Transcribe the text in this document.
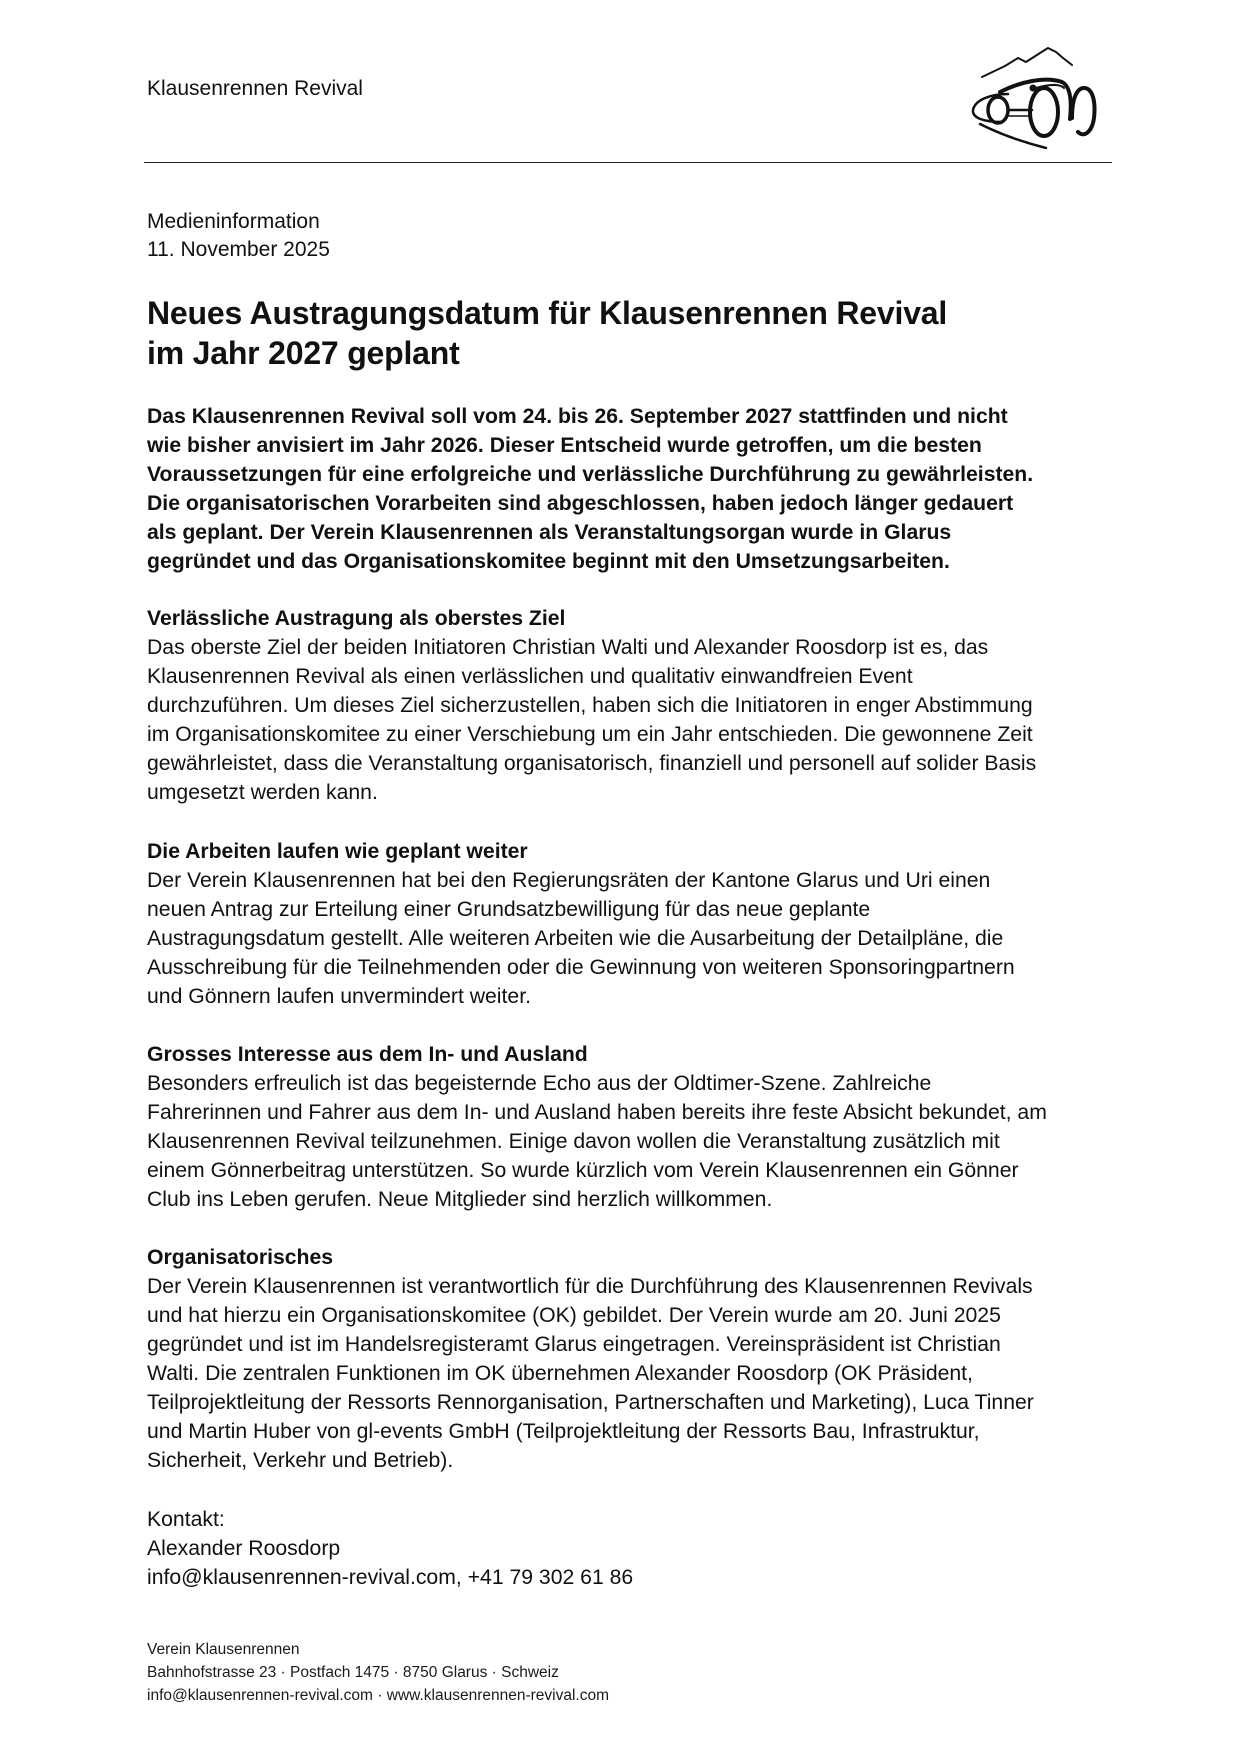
Klausenrennen Revival
Medieninformation
11. November 2025
Neues Austragungsdatum für Klausenrennen Revival
im Jahr 2027 geplant
Das Klausenrennen Revival soll vom 24. bis 26. September 2027 stattfinden und nicht
wie bisher anvisiert im Jahr 2026. Dieser Entscheid wurde getroffen, um die besten
Voraussetzungen für eine erfolgreiche und verlässliche Durchführung zu gewährleisten.
Die organisatorischen Vorarbeiten sind abgeschlossen, haben jedoch länger gedauert
als geplant. Der Verein Klausenrennen als Veranstaltungsorgan wurde in Glarus
gegründet und das Organisationskomitee beginnt mit den Umsetzungsarbeiten.
Verlässliche Austragung als oberstes Ziel

Das oberste Ziel der beiden Initiatoren Christian Walti und Alexander Roosdorp ist es, das
Klausenrennen Revival als einen verlässlichen und qualitativ einwandfreien Event
durchzuführen. Um dieses Ziel sicherzustellen, haben sich die Initiatoren in enger Abstimmung
im Organisationskomitee zu einer Verschiebung um ein Jahr entschieden. Die gewonnene Zeit
gewährleistet, dass die Veranstaltung organisatorisch, finanziell und personell auf solider Basis
umgesetzt werden kann.

Die Arbeiten laufen wie geplant weiter

Der Verein Klausenrennen hat bei den Regierungsräten der Kantone Glarus und Uri einen
neuen Antrag zur Erteilung einer Grundsatzbewilligung für das neue geplante
Austragungsdatum gestellt. Alle weiteren Arbeiten wie die Ausarbeitung der Detailpläne, die
Ausschreibung für die Teilnehmenden oder die Gewinnung von weiteren Sponsoringpartnern
und Gönnern laufen unvermindert weiter.

Grosses Interesse aus dem In- und Ausland

Besonders erfreulich ist das begeisternde Echo aus der Oldtimer-Szene. Zahlreiche
Fahrerinnen und Fahrer aus dem In- und Ausland haben bereits ihre feste Absicht bekundet, am
Klausenrennen Revival teilzunehmen. Einige davon wollen die Veranstaltung zusätzlich mit
einem Gönnerbeitrag unterstützen. So wurde kürzlich vom Verein Klausenrennen ein Gönner
Club ins Leben gerufen. Neue Mitglieder sind herzlich willkommen.

Organisatorisches

Der Verein Klausenrennen ist verantwortlich für die Durchführung des Klausenrennen Revivals
und hat hierzu ein Organisationskomitee (OK) gebildet. Der Verein wurde am 20. Juni 2025
gegründet und ist im Handelsregisteramt Glarus eingetragen. Vereinspräsident ist Christian
Walti. Die zentralen Funktionen im OK übernehmen Alexander Roosdorp (OK Präsident,
Teilprojektleitung der Ressorts Rennorganisation, Partnerschaften und Marketing), Luca Tinner
und Martin Huber von gl-events GmbH (Teilprojektleitung der Ressorts Bau, Infrastruktur,
Sicherheit, Verkehr und Betrieb).

Kontakt:
Alexander Roosdorp
info@klausenrennen-revival.com, +41 79 302 61 86
Verein Klausenrennen
Bahnhofstrasse 23 · Postfach 1475 · 8750 Glarus · Schweiz
info@klausenrennen-revival.com · www.klausenrennen-revival.com
